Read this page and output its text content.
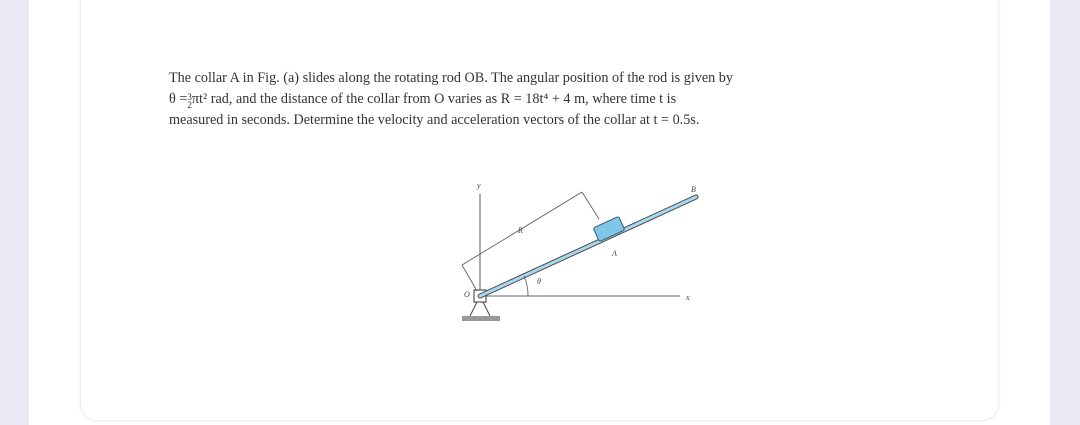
The collar A in Fig. (a) slides along the rotating rod OB. The angular position of the rod is given by

θ = 3
2 πt² rad, and the distance of the collar from O varies as R = 18t⁴ + 4 m, where time t is

measured in seconds. Determine the velocity and acceleration vectors of the collar at t = 0.5s.

y
x
O
B
A
R
θ
